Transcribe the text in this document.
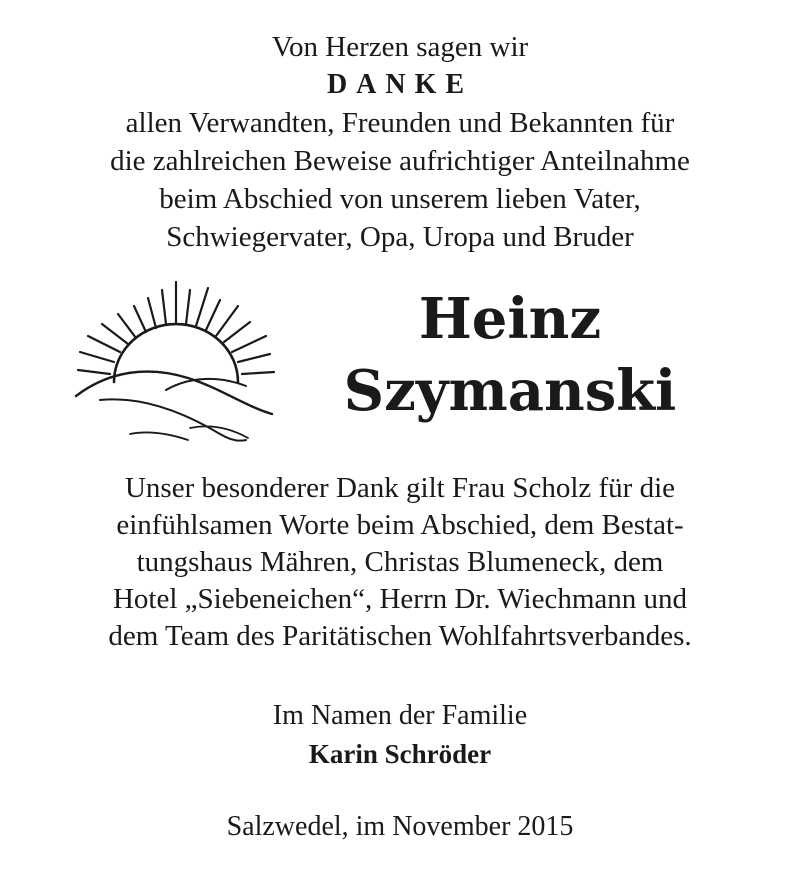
Von Herzen sagen wir
DANKE
allen Verwandten, Freunden und Bekannten für
die zahlreichen Beweise aufrichtiger Anteilnahme
beim Abschied von unserem lieben Vater,
Schwiegervater, Opa, Uropa und Bruder
Heinz
Szymanski
Unser besonderer Dank gilt Frau Scholz für die
einfühlsamen Worte beim Abschied, dem Bestat-
tungshaus Mähren, Christas Blumeneck, dem
Hotel „Siebeneichen“, Herrn Dr. Wiechmann und
dem Team des Paritätischen Wohlfahrtsverbandes.
Im Namen der Familie
Karin Schröder
Salzwedel, im November 2015
